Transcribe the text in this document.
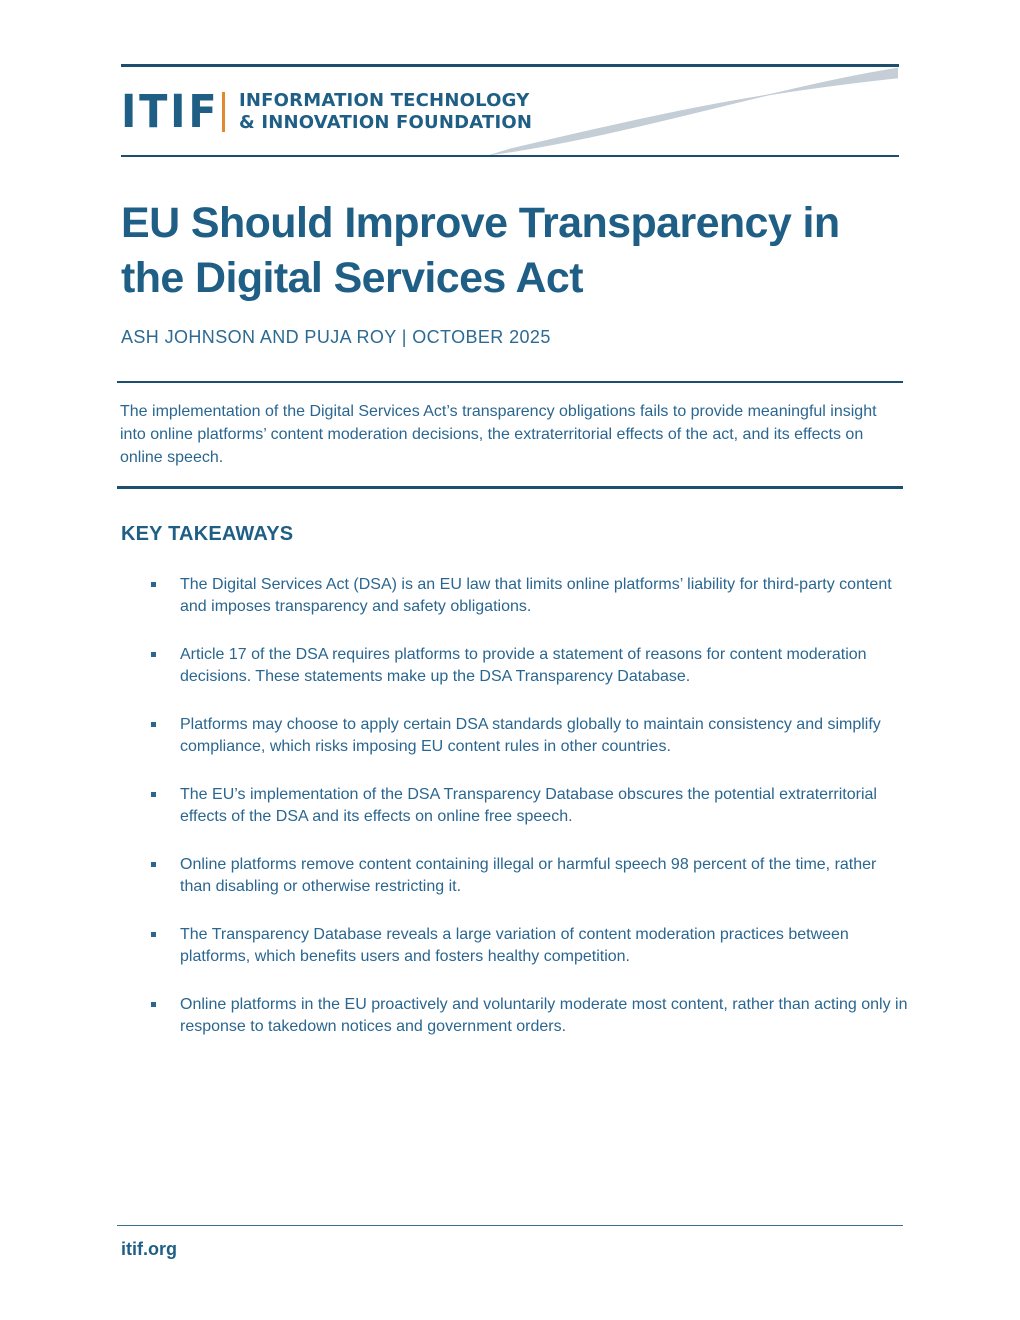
ITIF INFORMATION TECHNOLOGY
& INNOVATION FOUNDATION
EU Should Improve Transparency in the Digital Services Act
ASH JOHNSON AND PUJA ROY | OCTOBER 2025

The implementation of the Digital Services Act’s transparency obligations fails to provide meaningful insight into online platforms’ content moderation decisions, the extraterritorial effects of the act, and its effects on online speech.

KEY TAKEAWAYS
The Digital Services Act (DSA) is an EU law that limits online platforms’ liability for third-party content and imposes transparency and safety obligations.
Article 17 of the DSA requires platforms to provide a statement of reasons for content moderation decisions. These statements make up the DSA Transparency Database.
Platforms may choose to apply certain DSA standards globally to maintain consistency and simplify compliance, which risks imposing EU content rules in other countries.
The EU’s implementation of the DSA Transparency Database obscures the potential extraterritorial effects of the DSA and its effects on online free speech.
Online platforms remove content containing illegal or harmful speech 98 percent of the time, rather than disabling or otherwise restricting it.
The Transparency Database reveals a large variation of content moderation practices between platforms, which benefits users and fosters healthy competition.
Online platforms in the EU proactively and voluntarily moderate most content, rather than acting only in response to takedown notices and government orders.
itif.org
